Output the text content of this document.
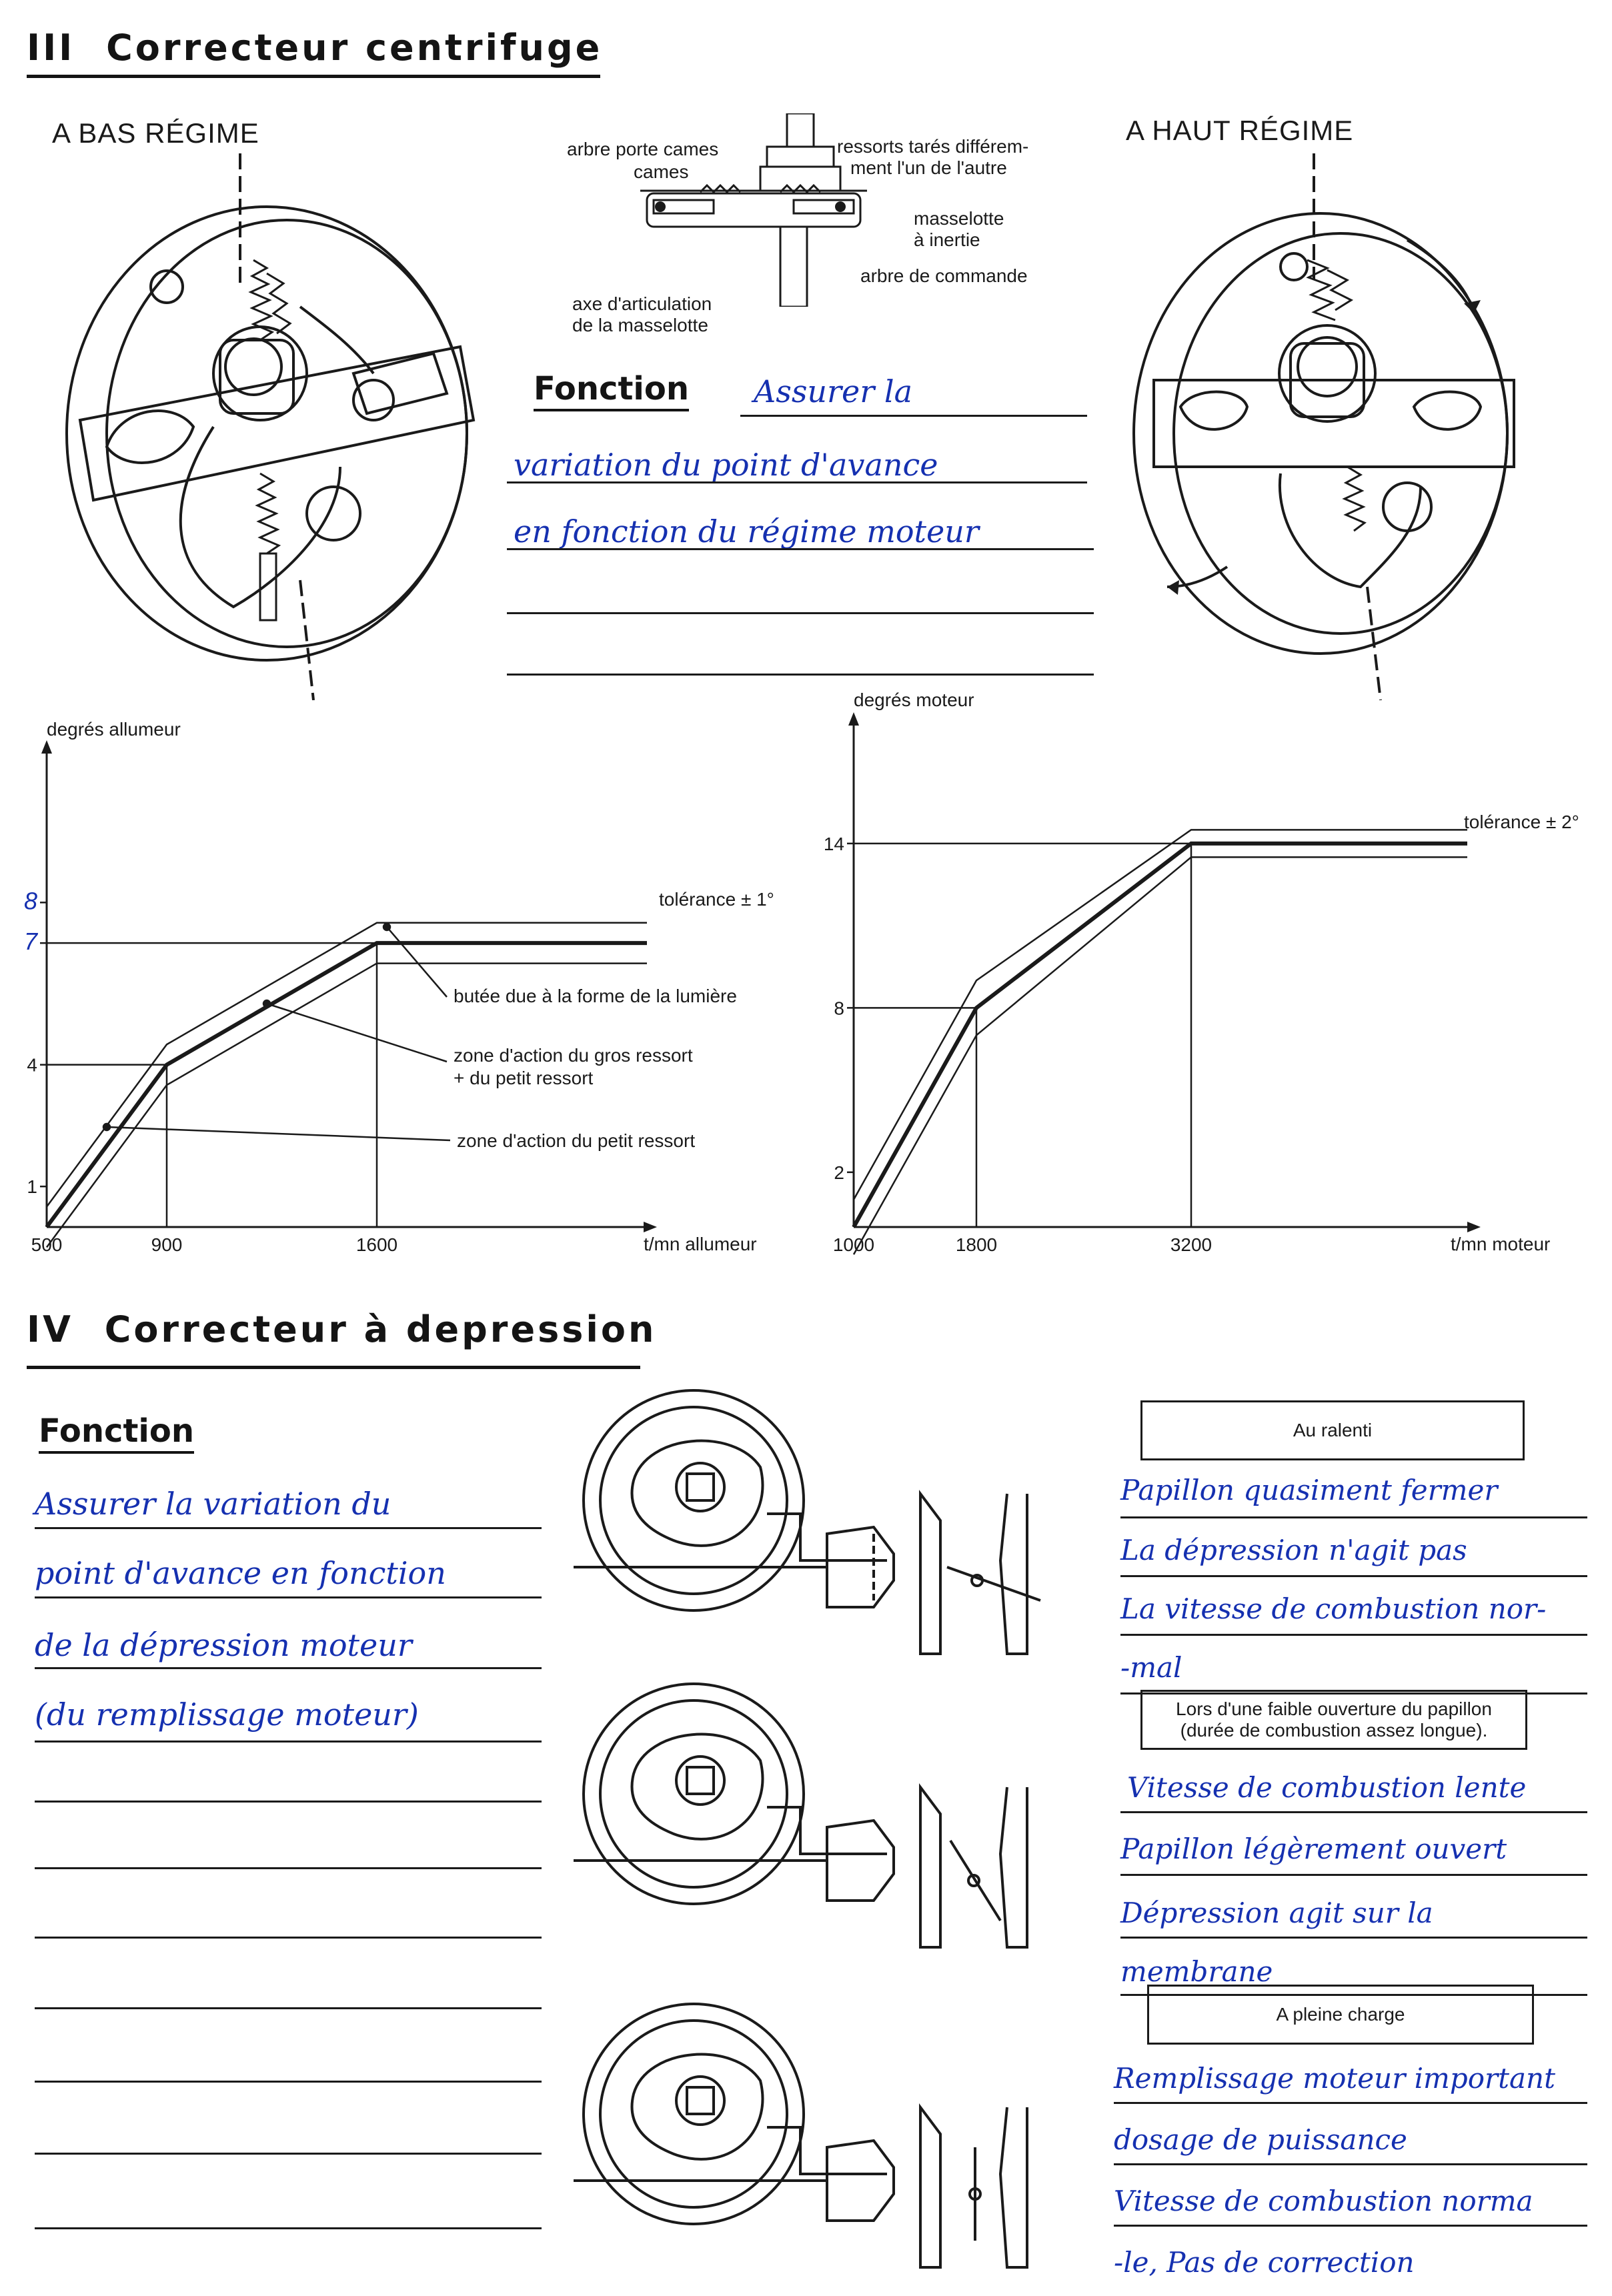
III Correcteur centrifuge
A BAS RÉGIME	A HAUT RÉGIME
arbre porte cames
cames
ressorts tarés différem-
ment l'un de l'autre
masselotte
à inertie
arbre de commande
axe d'articulation
de la masselotte
Fonction Assurer la
variation du point d'avance
en fonction du régime moteur
degrés allumeur
500	900	1600
1
4
7
8	tolérance ± 1°
butée due à la forme de la lumière
zone d'action du gros ressort
+ du petit ressort
zone d'action du petit ressort
t/mn allumeur
degrés moteur
1000	1800	3200
2
8
14
tolérance ± 2°
t/mn moteur
IV Correcteur à depression
Fonction
Assurer la variation du
point d'avance en fonction
de la dépression moteur
(du remplissage moteur)
Au ralenti
Papillon quasiment fermer
La dépression n'agit pas
La vitesse de combustion nor-
-mal
Lors d'une faible ouverture du papillon
(durée de combustion assez longue).
Vitesse de combustion lente
Papillon légèrement ouvert
Dépression agit sur la
membrane
A pleine charge
Remplissage moteur important
dosage de puissance
Vitesse de combustion norma
-le, Pas de correction
